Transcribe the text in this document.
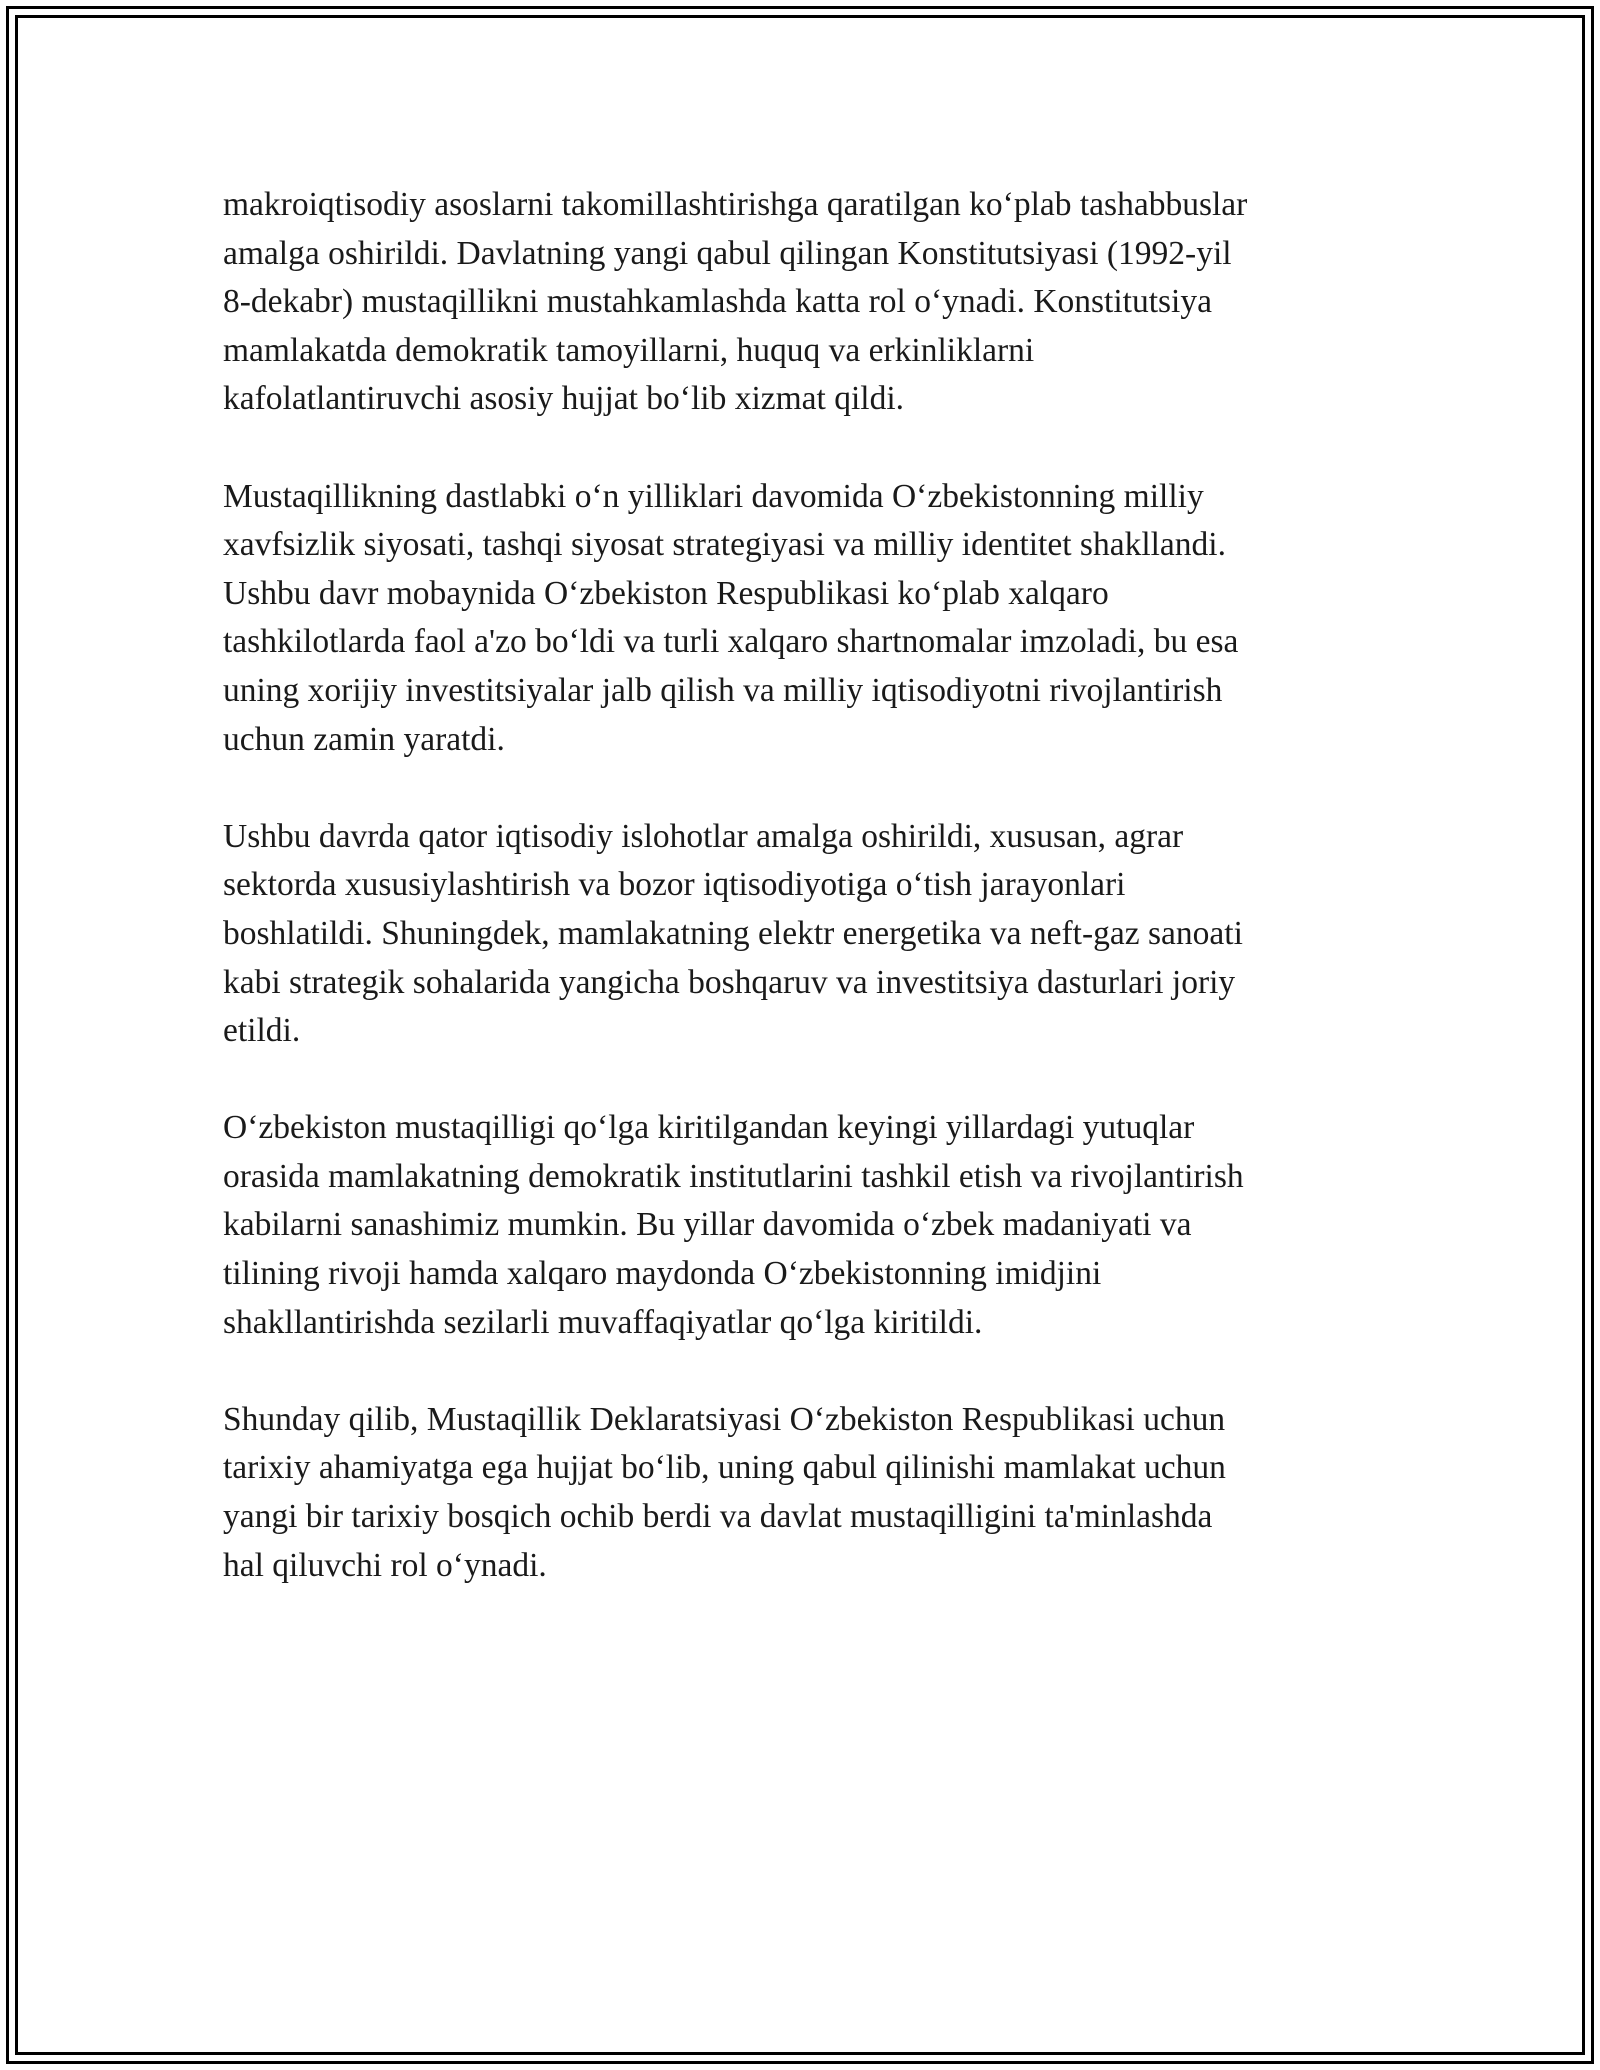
makroiqtisodiy asoslarni takomillashtirishga qaratilgan ko‘plab tashabbuslar
amalga oshirildi. Davlatning yangi qabul qilingan Konstitutsiyasi (1992-yil
8-dekabr) mustaqillikni mustahkamlashda katta rol o‘ynadi. Konstitutsiya
mamlakatda demokratik tamoyillarni, huquq va erkinliklarni
kafolatlantiruvchi asosiy hujjat bo‘lib xizmat qildi.

Mustaqillikning dastlabki o‘n yilliklari davomida O‘zbekistonning milliy
xavfsizlik siyosati, tashqi siyosat strategiyasi va milliy identitet shakllandi.
Ushbu davr mobaynida O‘zbekiston Respublikasi ko‘plab xalqaro
tashkilotlarda faol a'zo bo‘ldi va turli xalqaro shartnomalar imzoladi, bu esa
uning xorijiy investitsiyalar jalb qilish va milliy iqtisodiyotni rivojlantirish
uchun zamin yaratdi.

Ushbu davrda qator iqtisodiy islohotlar amalga oshirildi, xususan, agrar
sektorda xususiylashtirish va bozor iqtisodiyotiga o‘tish jarayonlari
boshlatildi. Shuningdek, mamlakatning elektr energetika va neft-gaz sanoati
kabi strategik sohalarida yangicha boshqaruv va investitsiya dasturlari joriy
etildi.

O‘zbekiston mustaqilligi qo‘lga kiritilgandan keyingi yillardagi yutuqlar
orasida mamlakatning demokratik institutlarini tashkil etish va rivojlantirish
kabilarni sanashimiz mumkin. Bu yillar davomida o‘zbek madaniyati va
tilining rivoji hamda xalqaro maydonda O‘zbekistonning imidjini
shakllantirishda sezilarli muvaffaqiyatlar qo‘lga kiritildi.

Shunday qilib, Mustaqillik Deklaratsiyasi O‘zbekiston Respublikasi uchun
tarixiy ahamiyatga ega hujjat bo‘lib, uning qabul qilinishi mamlakat uchun
yangi bir tarixiy bosqich ochib berdi va davlat mustaqilligini ta'minlashda
hal qiluvchi rol o‘ynadi.
